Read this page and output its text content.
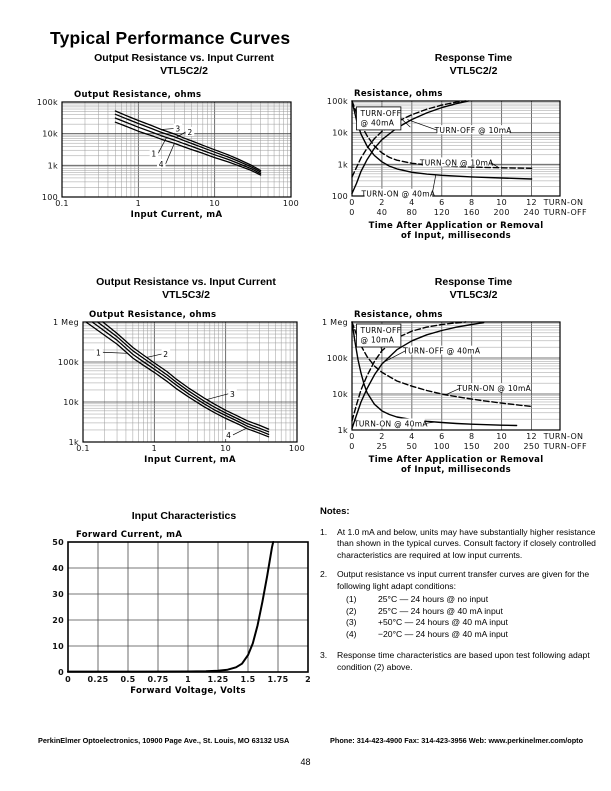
Typical Performance Curves
Output Resistance vs. Input Current
VTL5C2/2
Response Time
VTL5C2/2
Output Resistance vs. Input Current
VTL5C3/2
Response Time
VTL5C3/2
Input Characteristics
3 2
1
4
0.1	1	10	100
100
1k
10k
100k
Output Resistance, ohms
Input Current, mA
TURN-OFF
@ 40mA
TURN-OFF @ 10mA
TURN-ON @ 10mA
TURN-ON @ 40mA
100
1k
10k
100k
0	2	4	6	8	10 12 TURN-ON
0	40 80 120 160 200 240 TURN-OFF
Resistance, ohms
Time After Application or Removal
of Input, milliseconds
1	2
3
4
0.1	1	10	100
1k
10k
100k
1 Meg
Output Resistance, ohms
Input Current, mA
TURN-OFF
@ 10mA
TURN-OFF @ 40mA
TURN-ON @ 10mA
TURN-ON @ 40mA
1k
10k
100k
1 Meg
0	2	4	6	8	10 12 TURN-ON
0	25 50 100 150 200 250 TURN-OFF
Resistance, ohms
Time After Application or Removal
of Input, milliseconds
0 0.25 0.5 0.75 1 1.25 1.5 1.75 2
0
10
20
30
40
50
Forward Current, mA
Forward Voltage, Volts
Notes:
1.	At 1.0 mA and below, units may have substantially higher resistance than shown in the typical curves. Consult factory if closely controlled characteristics are required at low input currents.
2.	Output resistance vs input current transfer curves are given for the following light adapt conditions:
(1)	25°C — 24 hours @ no input
(2)	25°C — 24 hours @ 40 mA input
(3)	+50°C — 24 hours @ 40 mA input
(4)	−20°C — 24 hours @ 40 mA input
3.	Response time characteristics are based upon test following adapt condition (2) above.
PerkinElmer Optoelectronics, 10900 Page Ave., St. Louis, MO 63132 USA	Phone: 314-423-4900 Fax: 314-423-3956 Web: www.perkinelmer.com/opto
48
